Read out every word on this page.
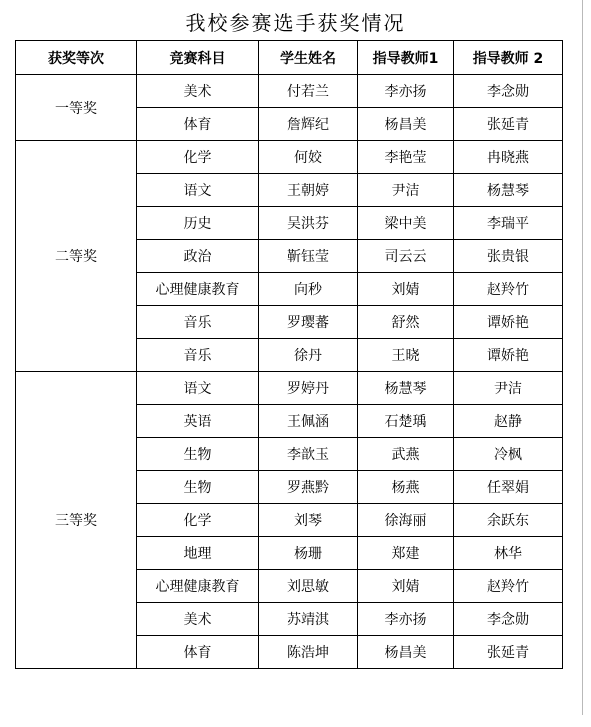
我校参赛选手获奖情况
获奖等次	竞赛科目	学生姓名	指导教师1	指导教师 2
一等奖	美术	付若兰	李亦扬	李念勋
	体育	詹辉纪	杨昌美	张延青
二等奖	化学	何姣	李艳莹	冉晓燕
	语文	王朝婷	尹洁	杨慧琴
	历史	吴洪芬	梁中美	李瑞平
	政治	靳钰莹	司云云	张贵银
	心理健康教育	向秒	刘婧	赵羚竹
	音乐	罗璎蕃	舒然	谭娇艳
	音乐	徐丹	王晓	谭娇艳
三等奖	语文	罗婷丹	杨慧琴	尹洁
	英语	王佩涵	石楚瑀	赵静
	生物	李歆玉	武燕	冷枫
	生物	罗燕黔	杨燕	任翠娟
	化学	刘琴	徐海丽	余跃东
	地理	杨珊	郑建	林华
	心理健康教育	刘思敏	刘婧	赵羚竹
	美术	苏靖淇	李亦扬	李念勋
	体育	陈浩坤	杨昌美	张延青
